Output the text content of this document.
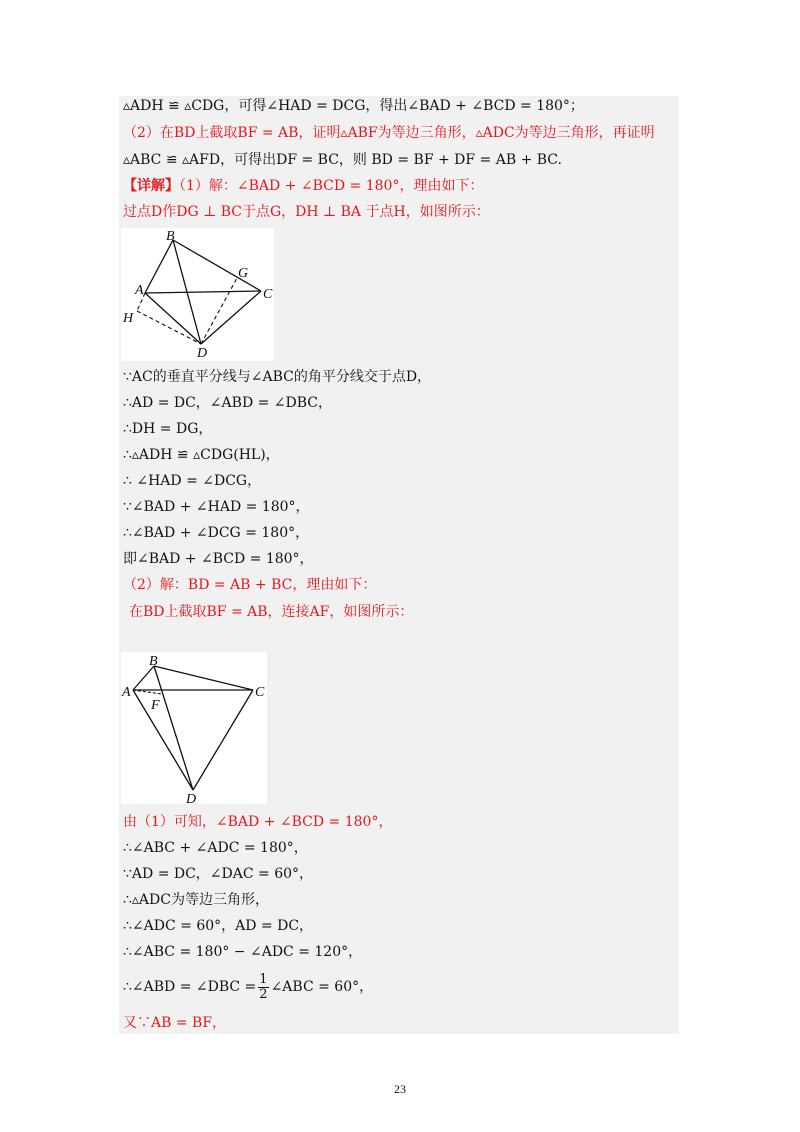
▵ADH ≌ ▵CDG，可得∠HAD = DCG，得出∠BAD + ∠BCD = 180°；
（2）在BD上截取BF = AB，证明▵ABF为等边三角形，▵ADC为等边三角形，再证明
▵ABC ≌ ▵AFD，可得出DF = BC，则 BD = BF + DF = AB + BC.
【详解】（1）解：∠BAD + ∠BCD = 180°，理由如下：
过点D作DG ⊥ BC于点G，DH ⊥ BA 于点H，如图所示：
B
A	C
G
H
D
∵AC的垂直平分线与∠ABC的角平分线交于点D，
∴AD = DC，∠ABD = ∠DBC，
∴DH = DG，
∴▵ADH ≌ ▵CDG(HL)，
∴ ∠HAD = ∠DCG，
∵∠BAD + ∠HAD = 180°，
∴∠BAD + ∠DCG = 180°，
即∠BAD + ∠BCD = 180°，
（2）解：BD = AB + BC，理由如下：
在BD上截取BF = AB，连接AF，如图所示：
B
A	C
F
D
由（1）可知，∠BAD + ∠BCD = 180°，
∴∠ABC + ∠ADC = 180°，
∵AD = DC，∠DAC = 60°，
∴▵ADC为等边三角形，
∴∠ADC = 60°，AD = DC，
∴∠ABC = 180° − ∠ADC = 120°，
∴∠ABD = ∠DBC = $\frac{1}{2}$ ∠ABC = 60°，
又∵AB = BF，
23
